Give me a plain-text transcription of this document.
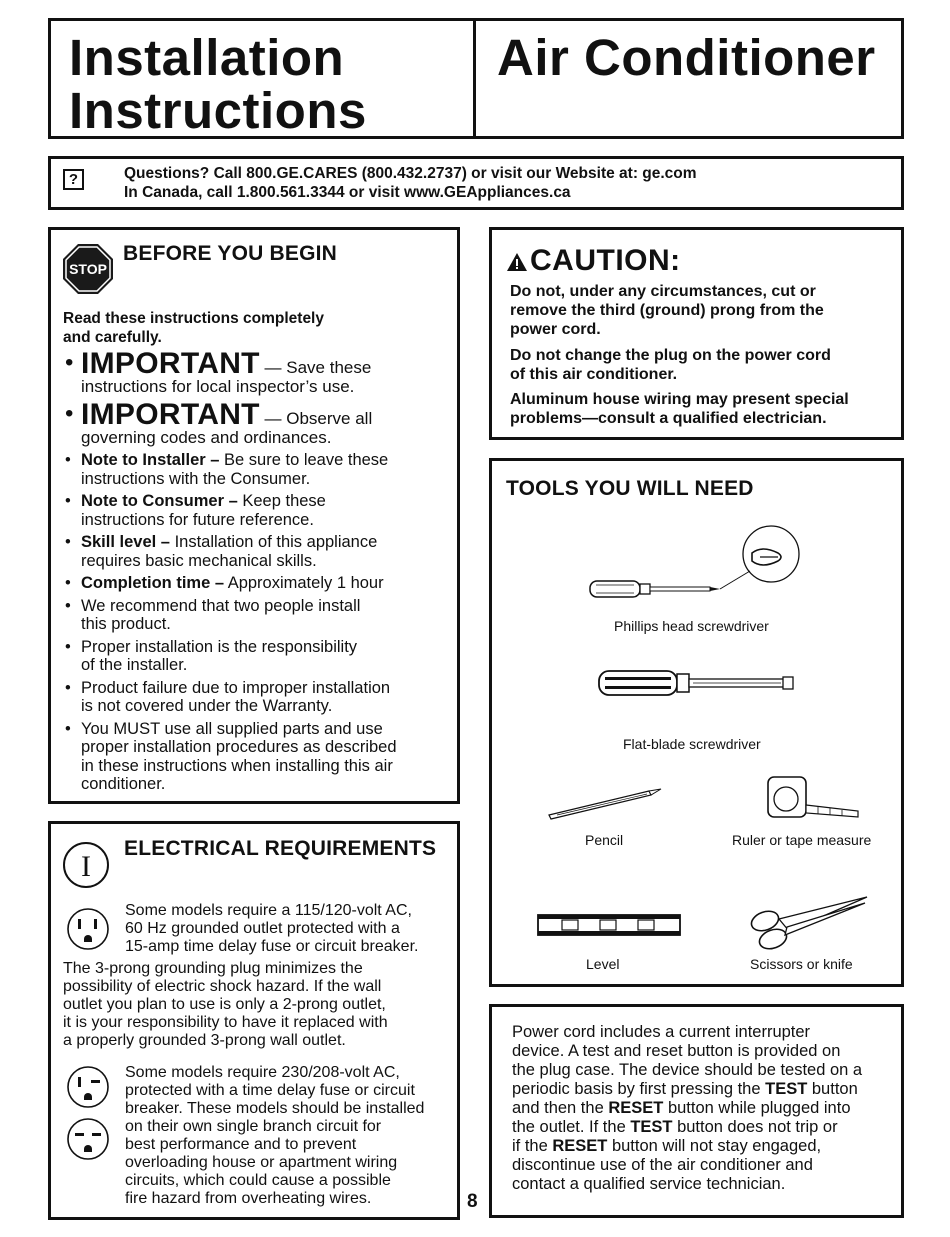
Installation
Instructions
Air Conditioner
?	Questions? Call 800.GE.CARES (800.432.2737) or visit our Website at: ge.com
In Canada, call 1.800.561.3344 or visit www.GEAppliances.ca
STOP
BEFORE YOU BEGIN
Read these instructions completely
and carefully.
• IMPORTANT — Save these
instructions for local inspector’s use.
• IMPORTANT — Observe all
governing codes and ordinances.
• Note to Installer – Be sure to leave these
instructions with the Consumer.
• Note to Consumer – Keep these
instructions for future reference.
• Skill level – Installation of this appliance
requires basic mechanical skills.
• Completion time – Approximately 1 hour
• We recommend that two people install
this product.
• Proper installation is the responsibility
of the installer.
• Product failure due to improper installation
is not covered under the Warranty.
• You MUST use all supplied parts and use
proper installation procedures as described
in these instructions when installing this air
conditioner.
I
ELECTRICAL REQUIREMENTS
Some models require a 115/120-volt AC,
60 Hz grounded outlet protected with a
15-amp time delay fuse or circuit breaker.
The 3-prong grounding plug minimizes the
possibility of electric shock hazard. If the wall
outlet you plan to use is only a 2-prong outlet,
it is your responsibility to have it replaced with
a properly grounded 3-prong wall outlet.
Some models require 230/208-volt AC,
protected with a time delay fuse or circuit
breaker. These models should be installed
on their own single branch circuit for
best performance and to prevent
overloading house or apartment wiring
circuits, which could cause a possible
fire hazard from overheating wires.	8
CAUTION:
Do not, under any circumstances, cut or
remove the third (ground) prong from the
power cord.
Do not change the plug on the power cord
of this air conditioner.
Aluminum house wiring may present special
problems—consult a qualified electrician.
TOOLS YOU WILL NEED
Phillips head screwdriver
Flat-blade screwdriver
Pencil	Ruler or tape measure
Level	Scissors or knife

Power cord includes a current interrupter
device. A test and reset button is provided on
the plug case. The device should be tested on a
periodic basis by first pressing the TEST button
and then the RESET button while plugged into
the outlet. If the TEST button does not trip or
if the RESET button will not stay engaged,
discontinue use of the air conditioner and
contact a qualified service technician.
